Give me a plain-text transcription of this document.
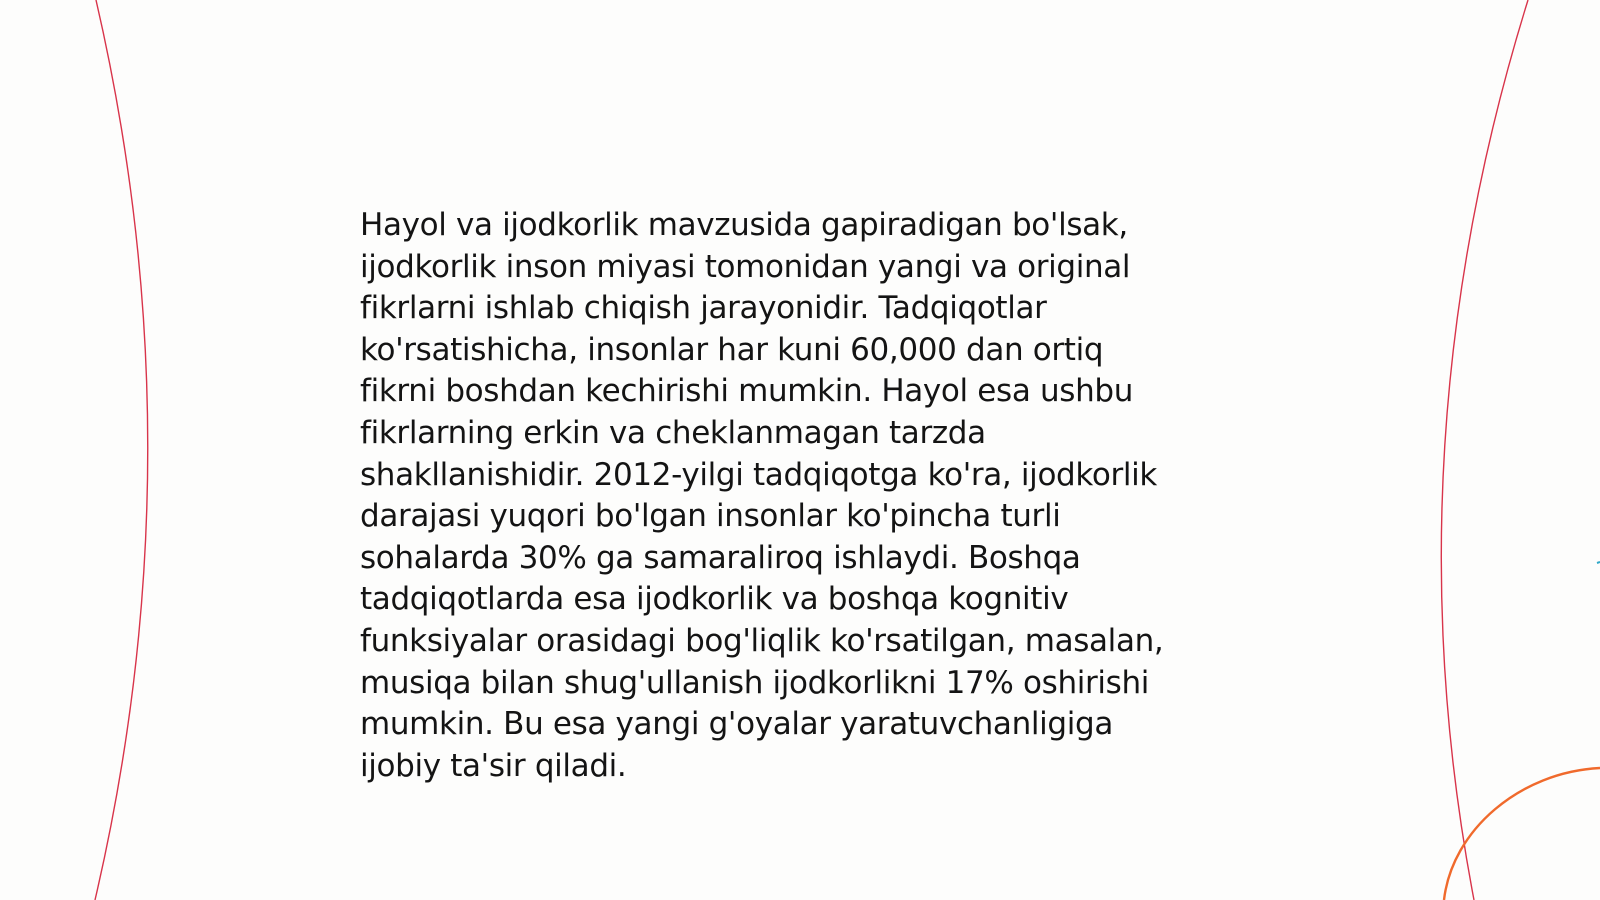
Hayol va ijodkorlik mavzusida gapiradigan bo'lsak,
ijodkorlik inson miyasi tomonidan yangi va original
fikrlarni ishlab chiqish jarayonidir. Tadqiqotlar
ko'rsatishicha, insonlar har kuni 60,000 dan ortiq
fikrni boshdan kechirishi mumkin. Hayol esa ushbu
fikrlarning erkin va cheklanmagan tarzda
shakllanishidir. 2012-yilgi tadqiqotga ko'ra, ijodkorlik
darajasi yuqori bo'lgan insonlar ko'pincha turli
sohalarda 30% ga samaraliroq ishlaydi. Boshqa
tadqiqotlarda esa ijodkorlik va boshqa kognitiv
funksiyalar orasidagi bog'liqlik ko'rsatilgan, masalan,
musiqa bilan shug'ullanish ijodkorlikni 17% oshirishi
mumkin. Bu esa yangi g'oyalar yaratuvchanligiga
ijobiy ta'sir qiladi.
